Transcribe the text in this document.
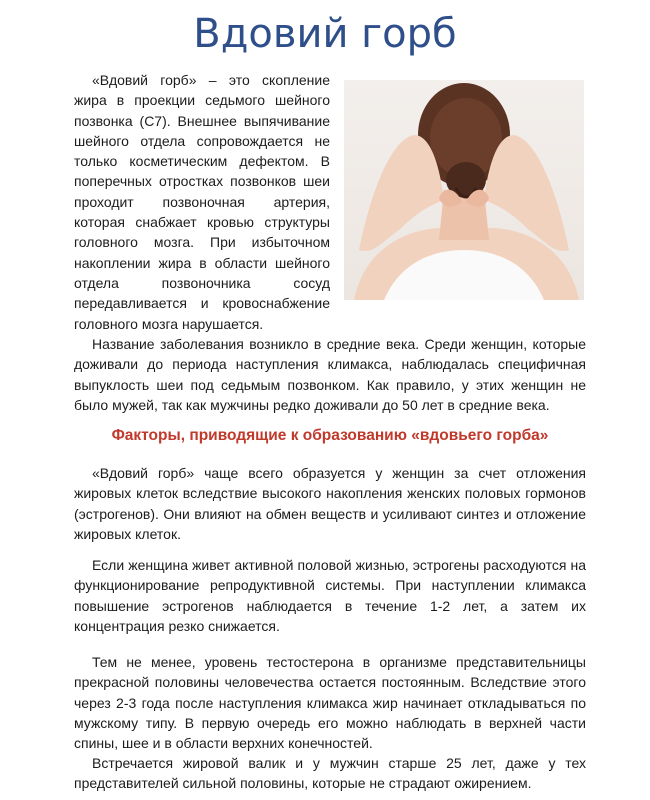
Вдовий горб

«Вдовий горб» – это скопление жира в проекции седьмого шейного позвонка (С7). Внешнее выпячивание шейного отдела сопровождается не только косметическим дефектом. В поперечных отростках позвонков шеи проходит позвоночная артерия, которая снабжает кровью структуры головного мозга. При избыточном накоплении жира в области шейного отдела позвоночника сосуд передавливается и кровоснабжение головного мозга нарушается.

Название заболевания возникло в средние века. Среди женщин, которые доживали до периода наступления климакса, наблюдалась специфичная выпуклость шеи под седьмым позвонком. Как правило, у этих женщин не было мужей, так как мужчины редко доживали до 50 лет в средние века.

Факторы, приводящие к образованию «вдовьего горба»

«Вдовий горб» чаще всего образуется у женщин за счет отложения жировых клеток вследствие высокого накопления женских половых гормонов (эстрогенов). Они влияют на обмен веществ и усиливают синтез и отложение жировых клеток.

Если женщина живет активной половой жизнью, эстрогены расходуются на функционирование репродуктивной системы. При наступлении климакса повышение эстрогенов наблюдается в течение 1-2 лет, а затем их концентрация резко снижается.

Тем не менее, уровень тестостерона в организме представительницы прекрасной половины человечества остается постоянным. Вследствие этого через 2-3 года после наступления климакса жир начинает откладываться по мужскому типу. В первую очередь его можно наблюдать в верхней части спины, шее и в области верхних конечностей.

Встречается жировой валик и у мужчин старше 25 лет, даже у тех представителей сильной половины, которые не страдают ожирением.
